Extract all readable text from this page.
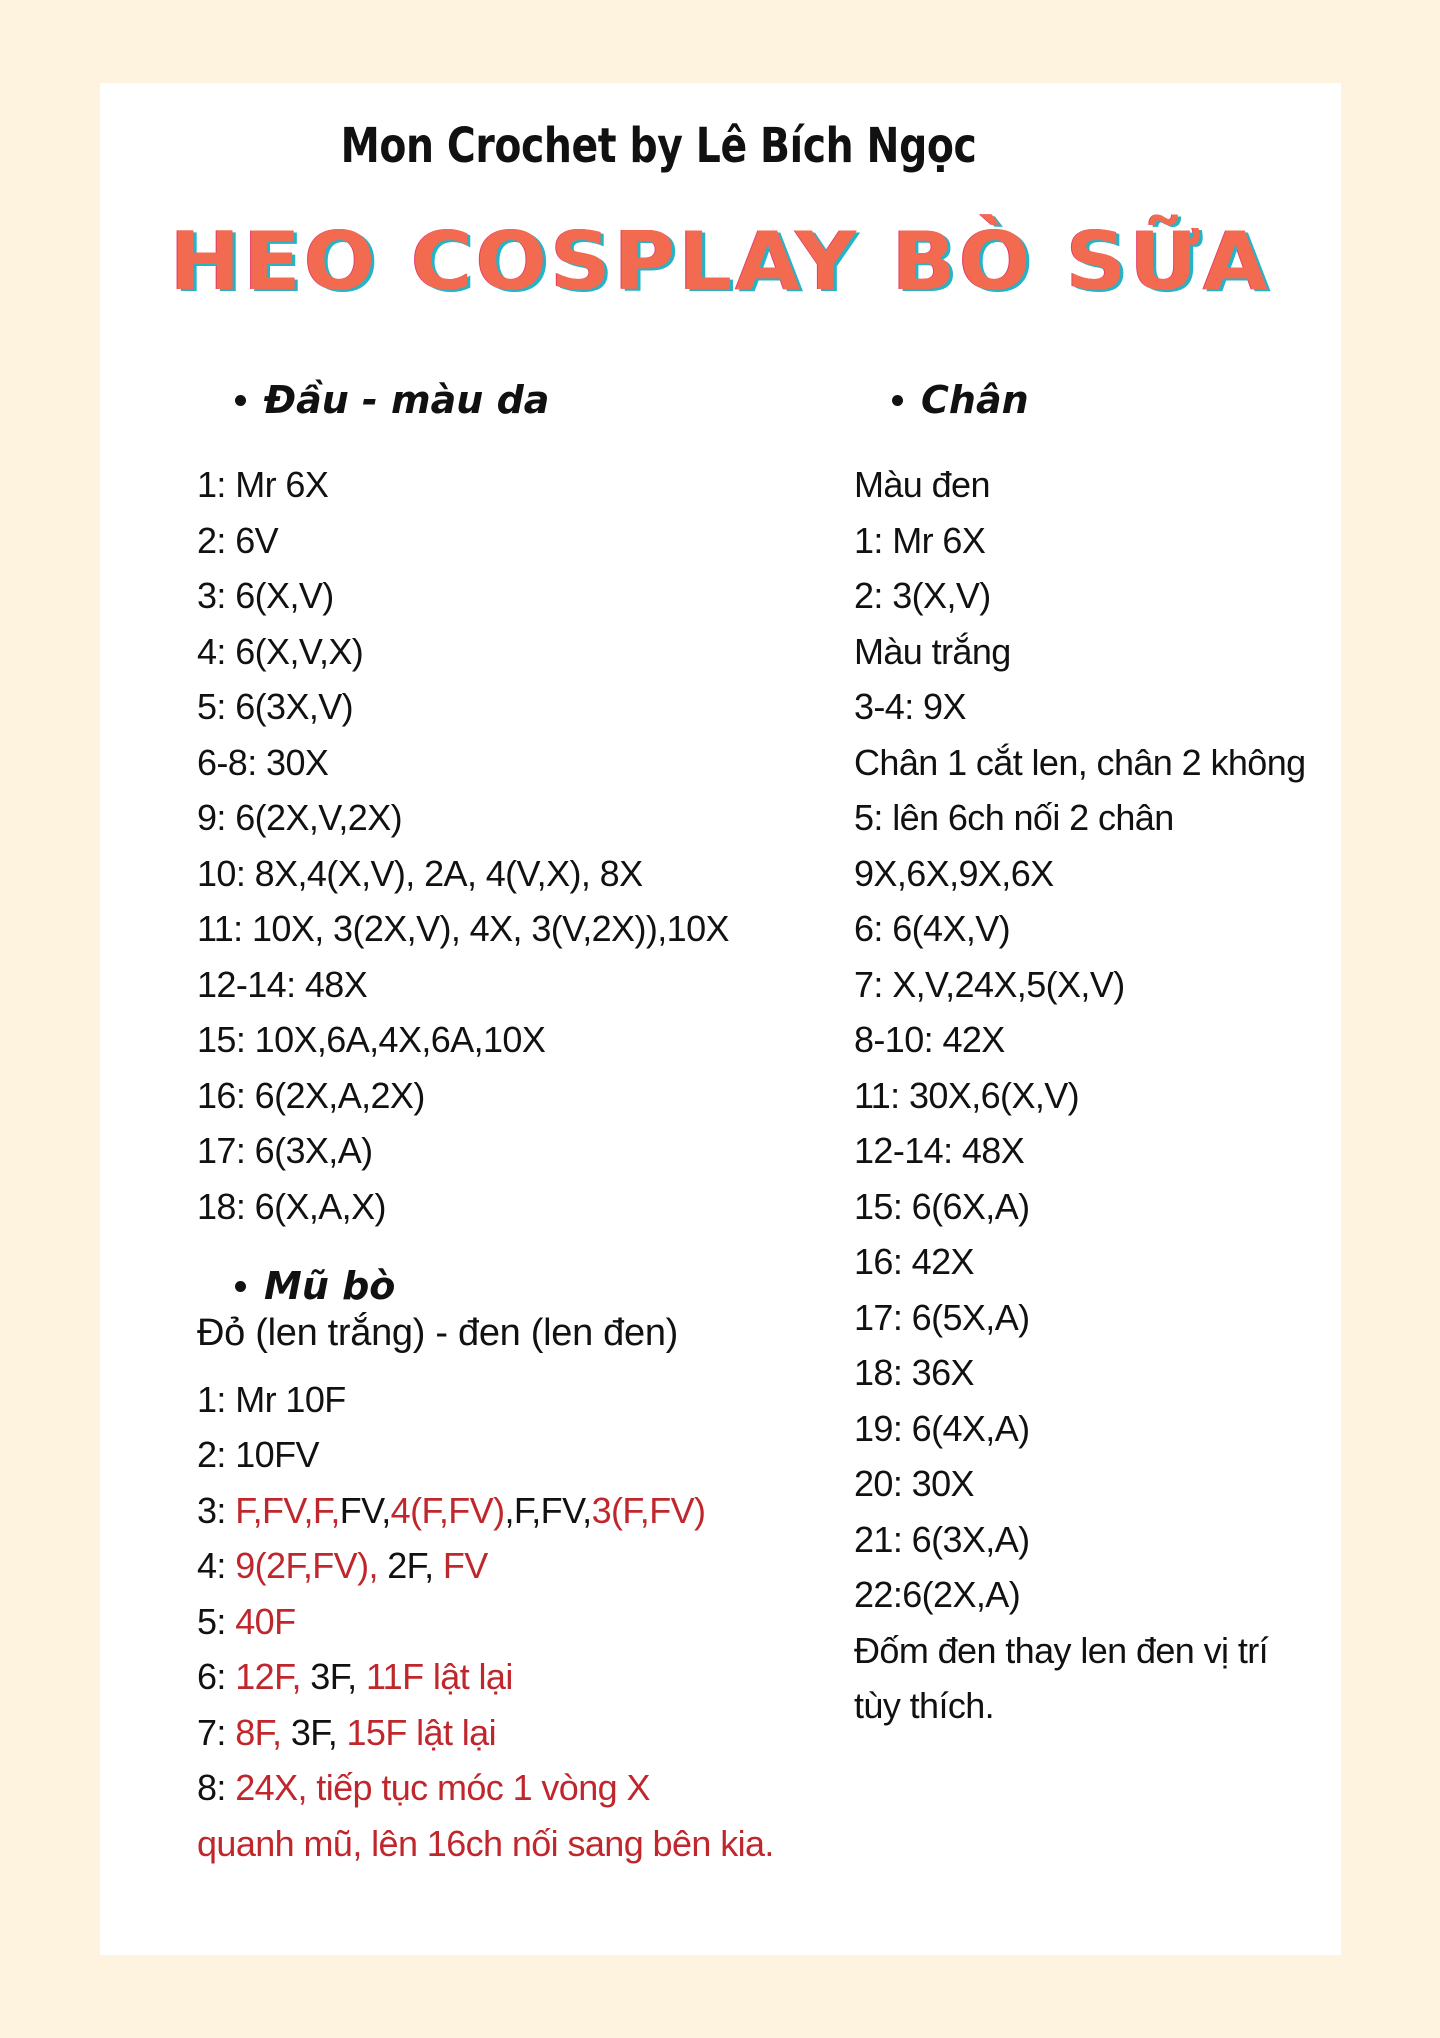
Mon Crochet by Lê Bích Ngọc
HEO COSPLAY BÒ SỮA
Đầu - màu da
1: Mr 6X
2: 6V
3: 6(X,V)
4: 6(X,V,X)
5: 6(3X,V)
6-8: 30X
9: 6(2X,V,2X)
10: 8X,4(X,V), 2A, 4(V,X), 8X
11: 10X, 3(2X,V), 4X, 3(V,2X)),10X
12-14: 48X
15: 10X,6A,4X,6A,10X
16: 6(2X,A,2X)
17: 6(3X,A)
18: 6(X,A,X)
Mũ bò
Đỏ (len trắng) - đen (len đen)
1: Mr 10F
2: 10FV
3: F,FV,F,FV,4(F,FV),F,FV,3(F,FV)
4: 9(2F,FV), 2F, FV
5: 40F
6: 12F, 3F, 11F lật lại
7: 8F, 3F, 15F lật lại
8: 24X, tiếp tục móc 1 vòng X
quanh mũ, lên 16ch nối sang bên kia.
Chân
Màu đen
1: Mr 6X
2: 3(X,V)
Màu trắng
3-4: 9X
Chân 1 cắt len, chân 2 không
5: lên 6ch nối 2 chân
9X,6X,9X,6X
6: 6(4X,V)
7: X,V,24X,5(X,V)
8-10: 42X
11: 30X,6(X,V)
12-14: 48X
15: 6(6X,A)
16: 42X
17: 6(5X,A)
18: 36X
19: 6(4X,A)
20: 30X
21: 6(3X,A)
22:6(2X,A)
Đốm đen thay len đen vị trí
tùy thích.
